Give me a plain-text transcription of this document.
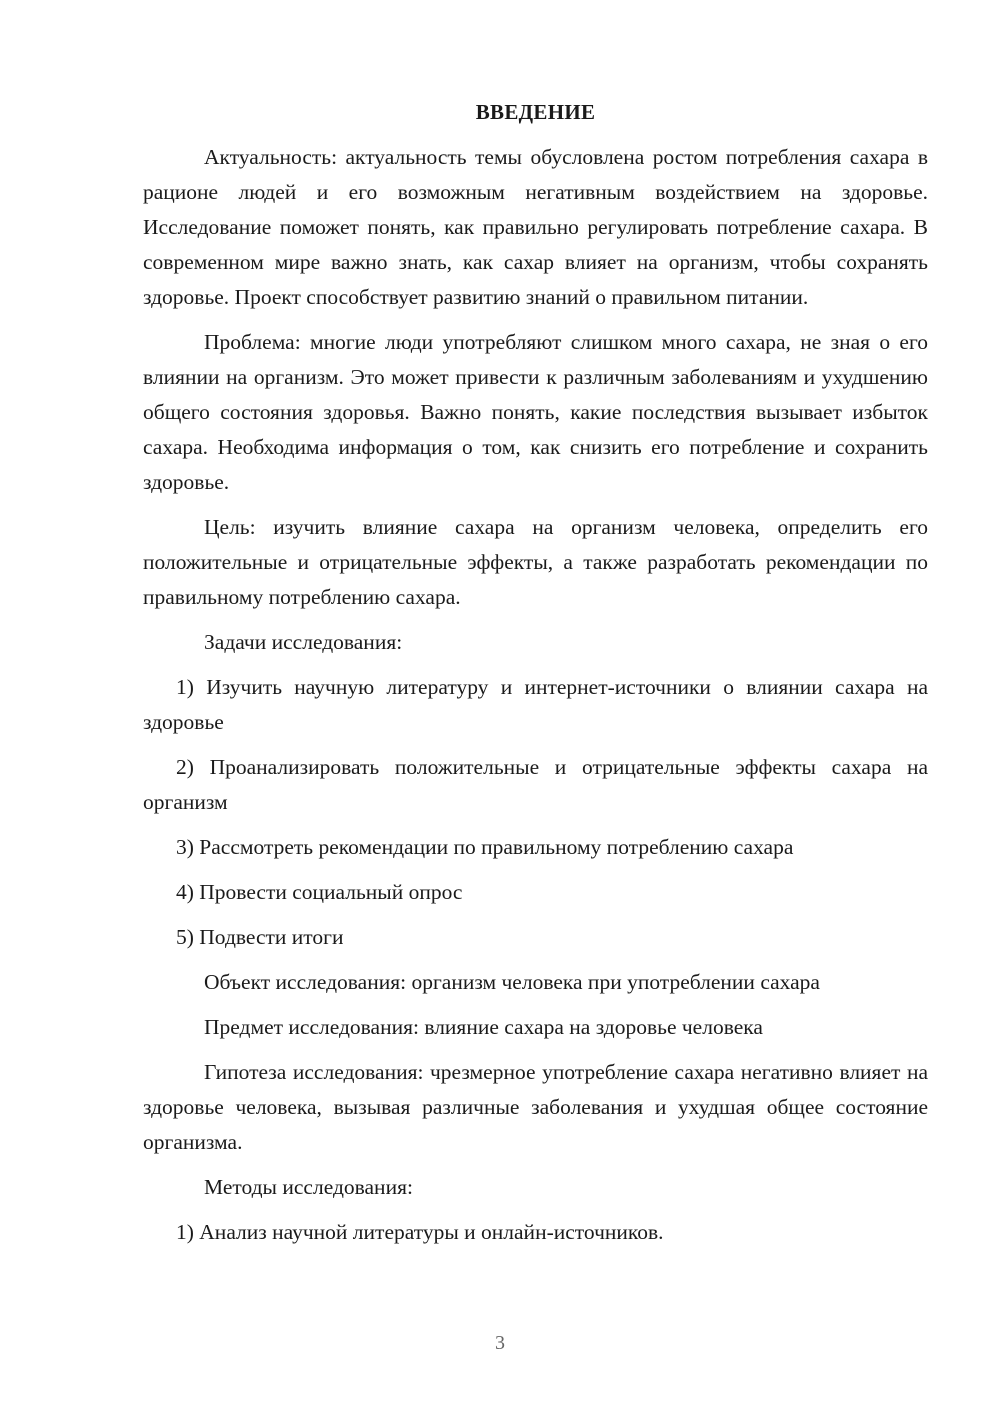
ВВЕДЕНИЕ

Актуальность: актуальность темы обусловлена ростом потребления сахара в рационе людей и его возможным негативным воздействием на здоровье. Исследование поможет понять, как правильно регулировать потребление сахара. В современном мире важно знать, как сахар влияет на организм, чтобы сохранять здоровье. Проект способствует развитию знаний о правильном питании.

Проблема: многие люди употребляют слишком много сахара, не зная о его влиянии на организм. Это может привести к различным заболеваниям и ухудшению общего состояния здоровья. Важно понять, какие последствия вызывает избыток сахара. Необходима информация о том, как снизить его потребление и сохранить здоровье.

Цель: изучить влияние сахара на организм человека, определить его положительные и отрицательные эффекты, а также разработать рекомендации по правильному потреблению сахара.

Задачи исследования:

1) Изучить научную литературу и интернет-источники о влиянии сахара на здоровье

2) Проанализировать положительные и отрицательные эффекты сахара на организм

3) Рассмотреть рекомендации по правильному потреблению сахара

4) Провести социальный опрос

5) Подвести итоги

Объект исследования: организм человека при употреблении сахара

Предмет исследования: влияние сахара на здоровье человека

Гипотеза исследования: чрезмерное употребление сахара негативно влияет на здоровье человека, вызывая различные заболевания и ухудшая общее состояние организма.

Методы исследования:

1) Анализ научной литературы и онлайн-источников.

3
